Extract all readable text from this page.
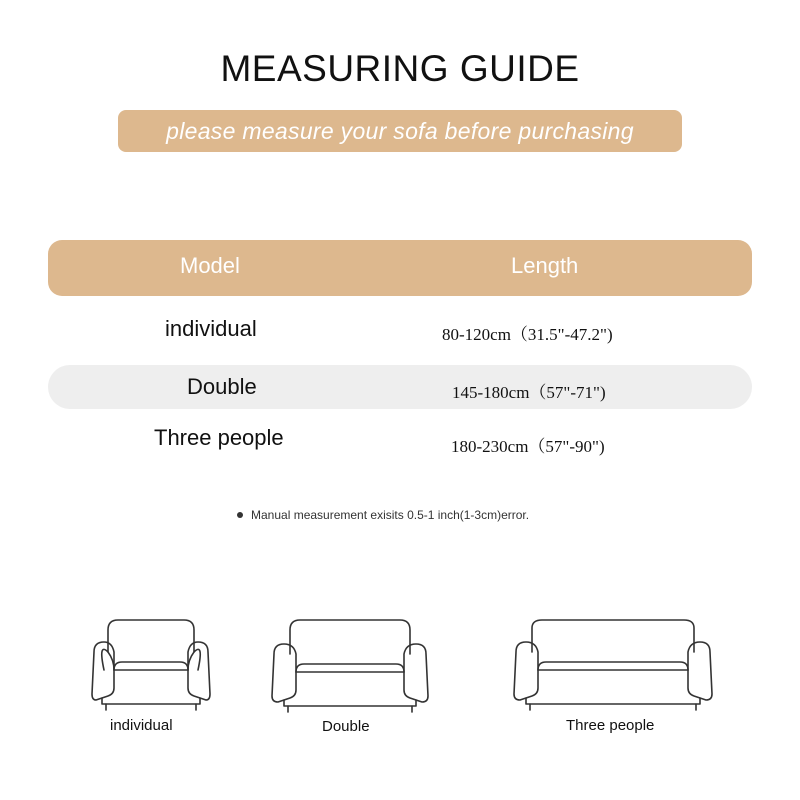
MEASURING GUIDE
please measure your sofa before purchasing
Model	Length
individual	80-120cm（31.5"-47.2")
Double	145-180cm（57"-71")
Three people	180-230cm（57"-90")
Manual measurement exisits 0.5-1 inch(1-3cm)error.
individual	Double	Three people
